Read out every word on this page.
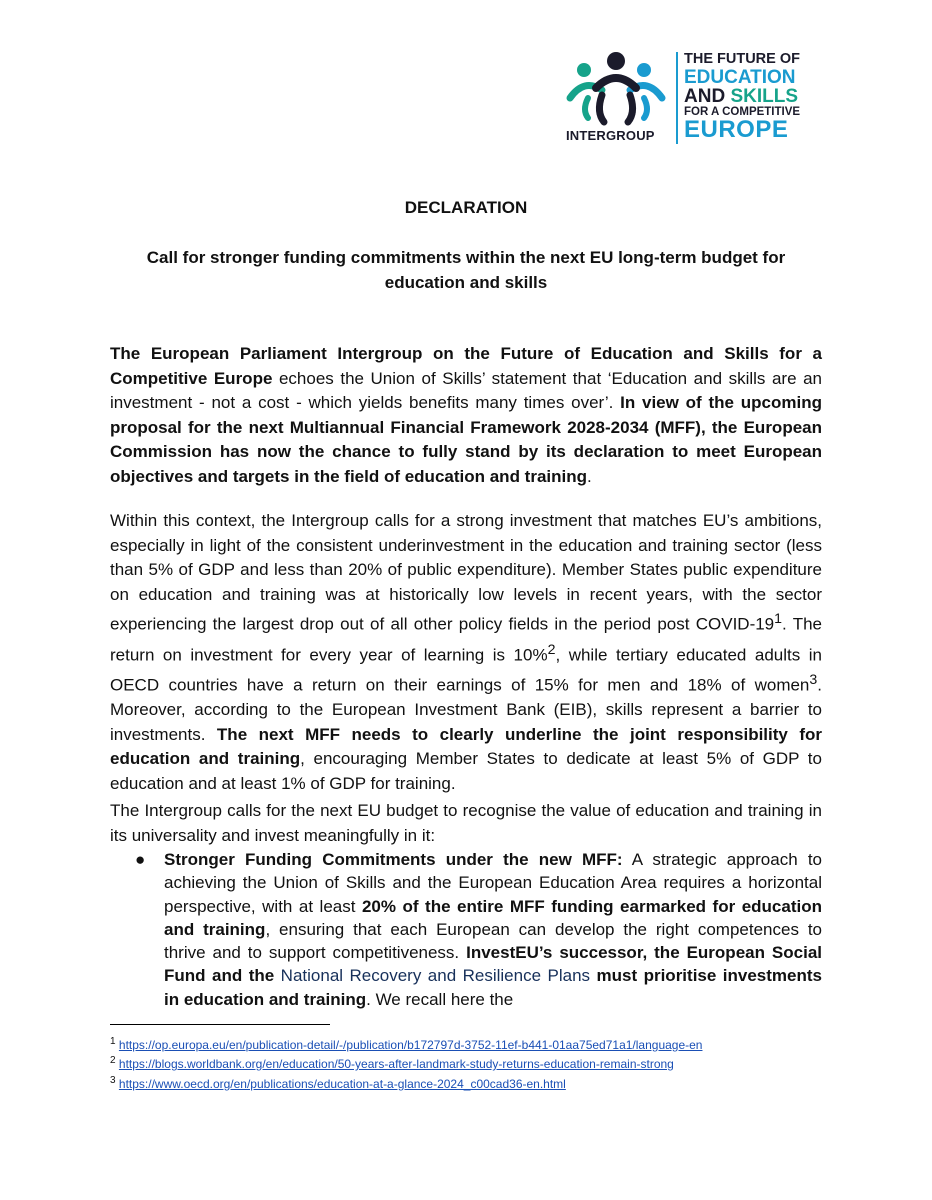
INTERGROUP
THE FUTURE OF
EDUCATION
AND SKILLS
FOR A COMPETITIVE
EUROPE
DECLARATION
Call for stronger funding commitments within the next EU long-term budget for education and skills
The European Parliament Intergroup on the Future of Education and Skills for a Competitive Europe echoes the Union of Skills’ statement that ‘Education and skills are an investment - not a cost - which yields benefits many times over’. In view of the upcoming proposal for the next Multiannual Financial Framework 2028-2034 (MFF), the European Commission has now the chance to fully stand by its declaration to meet European objectives and targets in the field of education and training.
Within this context, the Intergroup calls for a strong investment that matches EU’s ambitions, especially in light of the consistent underinvestment in the education and training sector (less than 5% of GDP and less than 20% of public expenditure). Member States public expenditure on education and training was at historically low levels in recent years, with the sector experiencing the largest drop out of all other policy fields in the period post COVID-$19^1$. The return on investment for every year of learning is 10%$^2$, while tertiary educated adults in OECD countries have a return on their earnings of 15% for men and 18% of women$^3$. Moreover, according to the European Investment Bank (EIB), skills represent a barrier to investments. The next MFF needs to clearly underline the joint responsibility for education and training, encouraging Member States to dedicate at least 5% of GDP to education and at least 1% of GDP for training.
The Intergroup calls for the next EU budget to recognise the value of education and training in its universality and invest meaningfully in it:
● Stronger Funding Commitments under the new MFF: A strategic approach to achieving the Union of Skills and the European Education Area requires a horizontal perspective, with at least 20% of the entire MFF funding earmarked for education and training, ensuring that each European can develop the right competences to thrive and to support competitiveness. InvestEU’s successor, the European Social Fund and the National Recovery and Resilience Plans must prioritise investments in education and training. We recall here the
$^1$ https://op.europa.eu/en/publication-detail/-/publication/b172797d-3752-11ef-b441-01aa75ed71a1/language-en
$^2$ https://blogs.worldbank.org/en/education/50-years-after-landmark-study-returns-education-remain-strong
$^3$ https://www.oecd.org/en/publications/education-at-a-glance-2024_c00cad36-en.html
